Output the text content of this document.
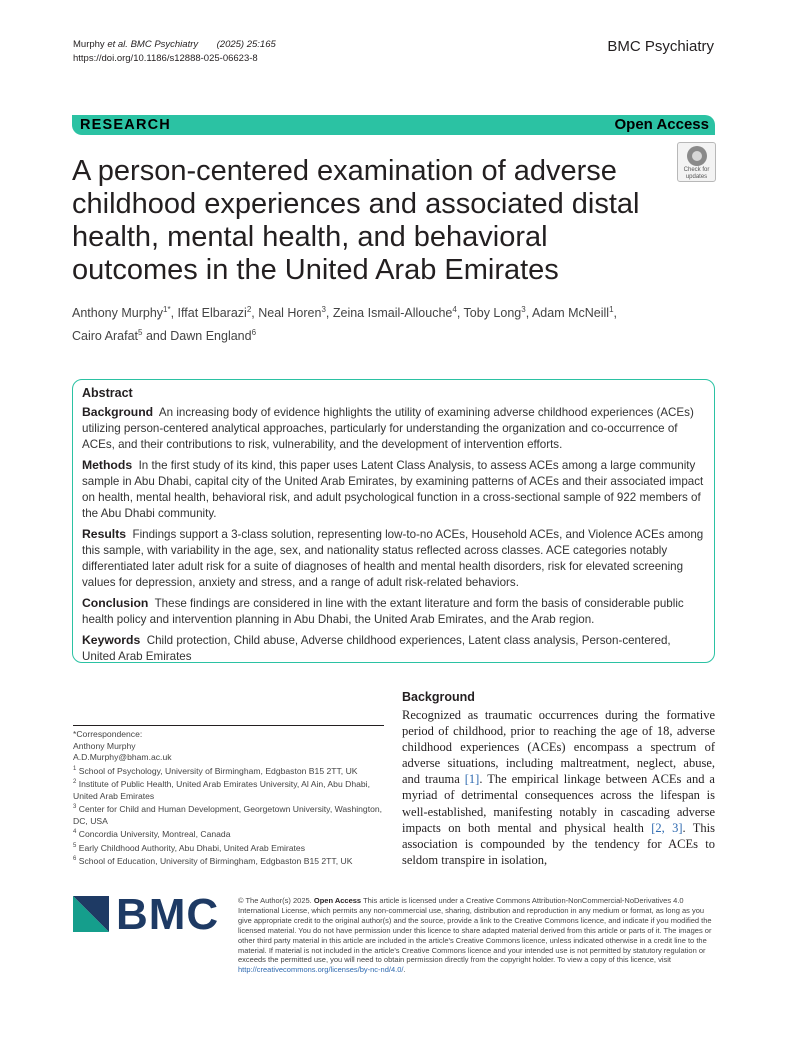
Murphy et al. BMC Psychiatry (2025) 25:165
https://doi.org/10.1186/s12888-025-06623-8
BMC Psychiatry
RESEARCH	Open Access
A person-centered examination of adverse childhood experiences and associated distal health, mental health, and behavioral outcomes in the United Arab Emirates
Check for
updates
Anthony Murphy$^{1*}$, Iffat Elbarazi$^2$, Neal Horen$^3$, Zeina Ismail-Allouche$^4$, Toby Long$^3$, Adam McNeill$^1$,
Cairo Arafat$^5$ and Dawn England$^6$
Abstract
Background An increasing body of evidence highlights the utility of examining adverse childhood experiences (ACEs) utilizing person-centered analytical approaches, particularly for understanding the organization and co-occurrence of ACEs, and their contributions to risk, vulnerability, and the development of intervention efforts.
Methods In the first study of its kind, this paper uses Latent Class Analysis, to assess ACEs among a large community sample in Abu Dhabi, capital city of the United Arab Emirates, by examining patterns of ACEs and their associated impact on health, mental health, behavioral risk, and adult psychological function in a cross-sectional sample of 922 members of the Abu Dhabi community.
Results Findings support a 3-class solution, representing low-to-no ACEs, Household ACEs, and Violence ACEs among this sample, with variability in the age, sex, and nationality status reflected across classes. ACE categories notably differentiated later adult risk for a suite of diagnoses of health and mental health disorders, risk for elevated screening values for depression, anxiety and stress, and a range of adult risk-related behaviors.
Conclusion These findings are considered in line with the extant literature and form the basis of considerable public health policy and intervention planning in Abu Dhabi, the United Arab Emirates, and the Arab region.
Keywords Child protection, Child abuse, Adverse childhood experiences, Latent class analysis, Person-centered, United Arab Emirates
*Correspondence:
Anthony Murphy
A.D.Murphy@bham.ac.uk
$^1$ School of Psychology, University of Birmingham, Edgbaston B15 2TT, UK
$^2$ Institute of Public Health, United Arab Emirates University, Al Ain, Abu Dhabi, United Arab Emirates
$^3$ Center for Child and Human Development, Georgetown University, Washington, DC, USA
$^4$ Concordia University, Montreal, Canada
$^5$ Early Childhood Authority, Abu Dhabi, United Arab Emirates
$^6$ School of Education, University of Birmingham, Edgbaston B15 2TT, UK
Background
Recognized as traumatic occurrences during the formative period of childhood, prior to reaching the age of 18, adverse childhood experiences (ACEs) encompass a spectrum of adverse situations, including maltreatment, neglect, abuse, and trauma [1]. The empirical linkage between ACEs and a myriad of detrimental consequences across the lifespan is well-established, manifesting notably in cascading adverse impacts on both mental and physical health [2, 3]. This association is compounded by the tendency for ACEs to seldom transpire in isolation,
BMC	© The Author(s) 2025. Open Access This article is licensed under a Creative Commons Attribution-NonCommercial-NoDerivatives 4.0 International License, which permits any non-commercial use, sharing, distribution and reproduction in any medium or format, as long as you give appropriate credit to the original author(s) and the source, provide a link to the Creative Commons licence, and indicate if you modified the licensed material. You do not have permission under this licence to share adapted material derived from this article or parts of it. The images or other third party material in this article are included in the article's Creative Commons licence, unless indicated otherwise in a credit line to the material. If material is not included in the article's Creative Commons licence and your intended use is not permitted by statutory regulation or exceeds the permitted use, you will need to obtain permission directly from the copyright holder. To view a copy of this licence, visit http://creativecommons.org/licenses/by-nc-nd/4.0/.
